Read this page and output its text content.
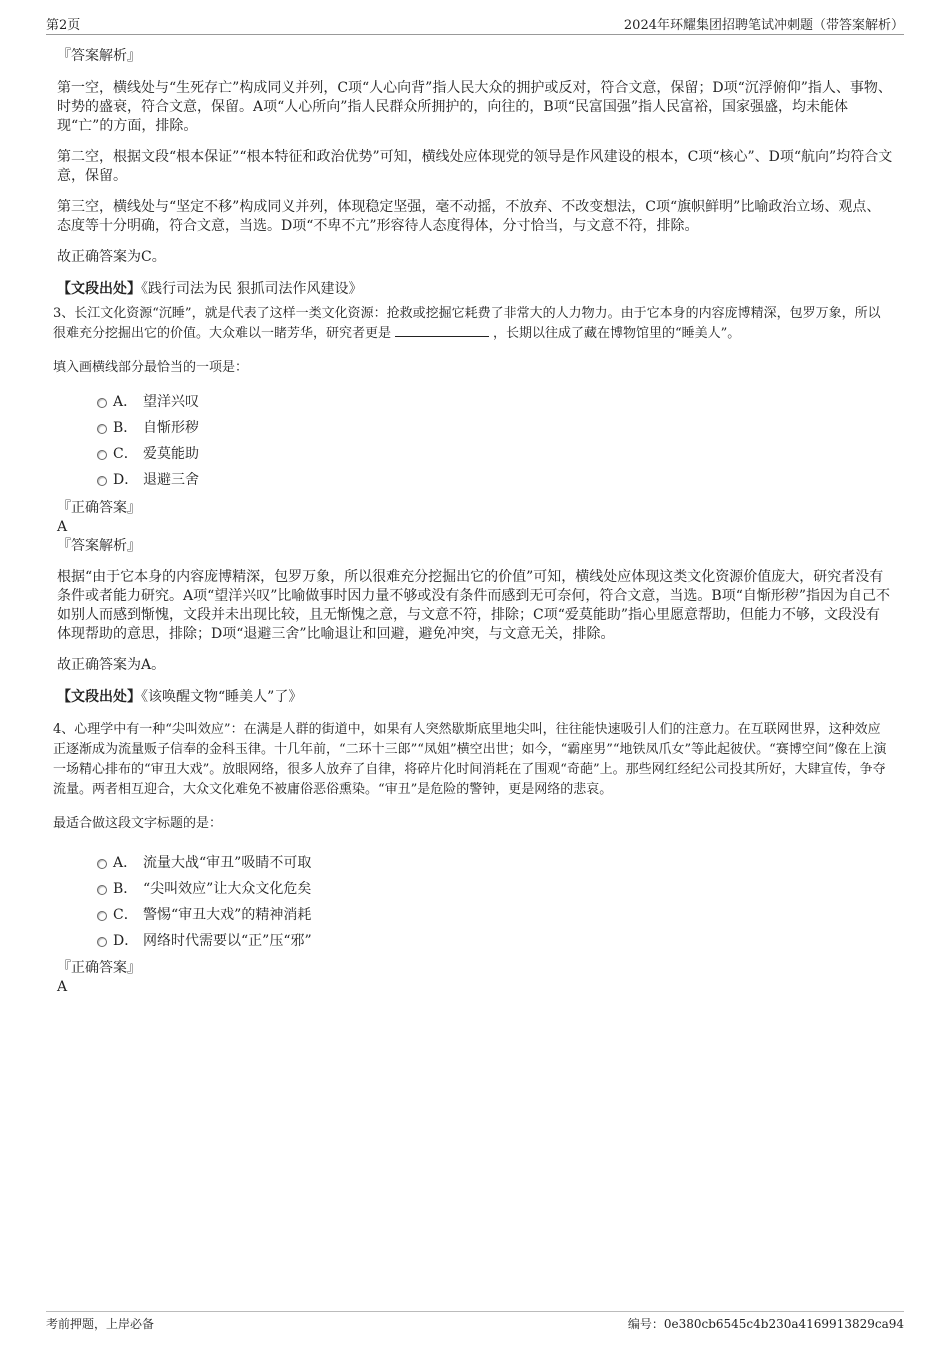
第2页	2024年环耀集团招聘笔试冲刺题（带答案解析）

『答案解析』

第一空，横线处与“生死存亡”构成同义并列，C项“人心向背”指人民大众的拥护或反对，符合文意，保留；D项“沉浮俯仰”指人、事物、时势的盛衰，符合文意，保留。A项“人心所向”指人民群众所拥护的，向往的，B项“民富国强”指人民富裕，国家强盛，均未能体现“亡”的方面，排除。

第二空，根据文段“根本保证”“根本特征和政治优势”可知，横线处应体现党的领导是作风建设的根本，C项“核心”、D项“航向”均符合文意，保留。

第三空，横线处与“坚定不移”构成同义并列，体现稳定坚强，毫不动摇，不放弃、不改变想法，C项“旗帜鲜明”比喻政治立场、观点、态度等十分明确，符合文意，当选。D项“不卑不亢”形容待人态度得体，分寸恰当，与文意不符，排除。

故正确答案为C。

【文段出处】《践行司法为民 狠抓司法作风建设》

3、长江文化资源“沉睡”，就是代表了这样一类文化资源：抢救或挖掘它耗费了非常大的人力物力。由于它本身的内容庞博精深，包罗万象，所以很难充分挖掘出它的价值。大众难以一睹芳华，研究者更是	，长期以往成了藏在博物馆里的“睡美人”。

填入画横线部分最恰当的一项是：

A． 望洋兴叹
B． 自惭形秽
C． 爱莫能助
D． 退避三舍

『正确答案』

A

『答案解析』

根据“由于它本身的内容庞博精深，包罗万象，所以很难充分挖掘出它的价值”可知，横线处应体现这类文化资源价值庞大，研究者没有条件或者能力研究。A项“望洋兴叹”比喻做事时因力量不够或没有条件而感到无可奈何，符合文意，当选。B项“自惭形秽”指因为自己不如别人而感到惭愧，文段并未出现比较，且无惭愧之意，与文意不符，排除；C项“爱莫能助”指心里愿意帮助，但能力不够，文段没有体现帮助的意思，排除；D项“退避三舍”比喻退让和回避，避免冲突，与文意无关，排除。

故正确答案为A。

【文段出处】《该唤醒文物“睡美人”了》

4、心理学中有一种“尖叫效应”：在满是人群的街道中，如果有人突然歇斯底里地尖叫，往往能快速吸引人们的注意力。在互联网世界，这种效应正逐渐成为流量贩子信奉的金科玉律。十几年前，“二环十三郎”“凤姐”横空出世；如今，“霸座男”“地铁凤爪女”等此起彼伏。“赛博空间”像在上演一场精心排布的“审丑大戏”。放眼网络，很多人放弃了自律，将碎片化时间消耗在了围观“奇葩”上。那些网红经纪公司投其所好，大肆宣传，争夺流量。两者相互迎合，大众文化难免不被庸俗恶俗熏染。“审丑”是危险的警钟，更是网络的悲哀。

最适合做这段文字标题的是：

A． 流量大战“审丑”吸睛不可取
B． “尖叫效应”让大众文化危矣
C． 警惕“审丑大戏”的精神消耗
D． 网络时代需要以“正”压“邪”

『正确答案』

A

考前押题，上岸必备	编号：0e380cb6545c4b230a4169913829ca94
